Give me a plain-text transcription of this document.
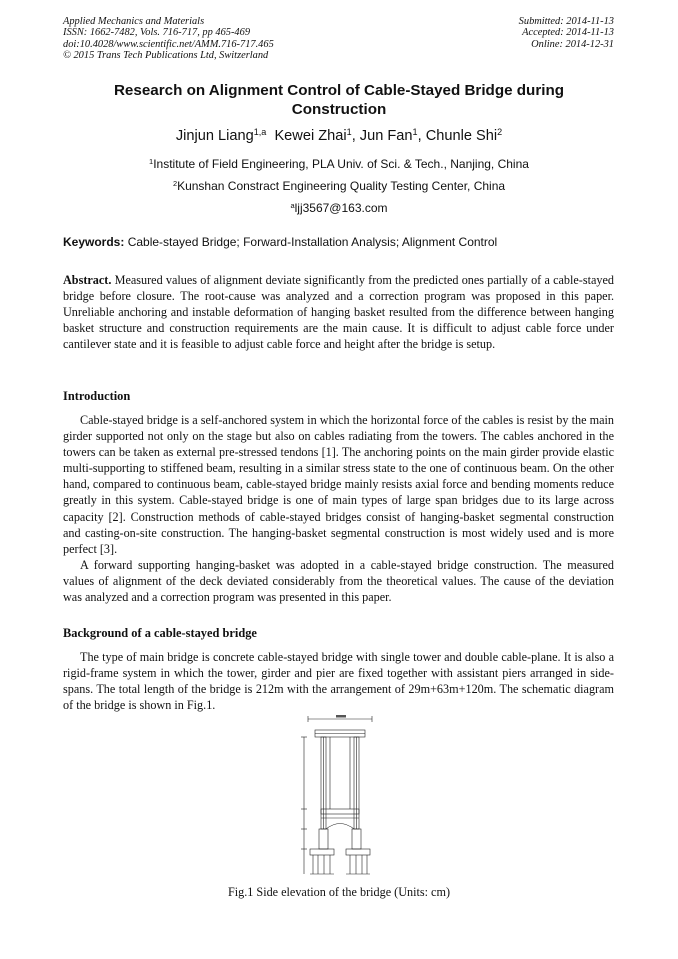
Applied Mechanics and Materials
ISSN: 1662-7482, Vols. 716-717, pp 465-469
doi:10.4028/www.scientific.net/AMM.716-717.465
© 2015 Trans Tech Publications Ltd, Switzerland
Submitted: 2014-11-13
Accepted: 2014-11-13
Online: 2014-12-31
Research on Alignment Control of Cable-Stayed Bridge during
Construction
Jinjun Liang$^{1,a}$ Kewei Zhai$^1$, Jun Fan$^1$, Chunle Shi$^2$
$^1$Institute of Field Engineering, PLA Univ. of Sci. & Tech., Nanjing, China
$^2$Kunshan Constract Engineering Quality Testing Center, China
$^a$ljj3567@163.com
Keywords: Cable-stayed Bridge; Forward-Installation Analysis; Alignment Control
Abstract. Measured values of alignment deviate significantly from the predicted ones partially of a cable-stayed bridge before closure. The root-cause was analyzed and a correction program was proposed in this paper. Unreliable anchoring and instable deformation of hanging basket resulted from the difference between hanging basket structure and construction requirements are the main cause. It is difficult to adjust cable force under cantilever state and it is feasible to adjust cable force and height after the bridge is setup.
Introduction
Cable-stayed bridge is a self-anchored system in which the horizontal force of the cables is resist by the main girder supported not only on the stage but also on cables radiating from the towers. The cables anchored in the towers can be taken as external pre-stressed tendons [1]. The anchoring points on the main girder provide elastic multi-supporting to stiffened beam, resulting in a similar stress state to the one of continuous beam. On the other hand, compared to continuous beam, cable-stayed bridge mainly resists axial force and bending moments reduce greatly in this system. Cable-stayed bridge is one of main types of large span bridges due to its large across capacity [2]. Construction methods of cable-stayed bridges consist of hanging-basket segmental construction and casting-on-site construction. The hanging-basket segmental construction is most widely used and is more perfect [3].
A forward supporting hanging-basket was adopted in a cable-stayed bridge construction. The measured values of alignment of the deck deviated considerably from the theoretical values. The cause of the deviation was analyzed and a correction program was presented in this paper.
Background of a cable-stayed bridge
The type of main bridge is concrete cable-stayed bridge with single tower and double cable-plane. It is also a rigid-frame system in which the tower, girder and pier are fixed together with assistant piers arranged in side-spans. The total length of the bridge is 212m with the arrangement of 29m+63m+120m. The schematic diagram of the bridge is shown in Fig.1.
Fig.1 Side elevation of the bridge (Units: cm)
